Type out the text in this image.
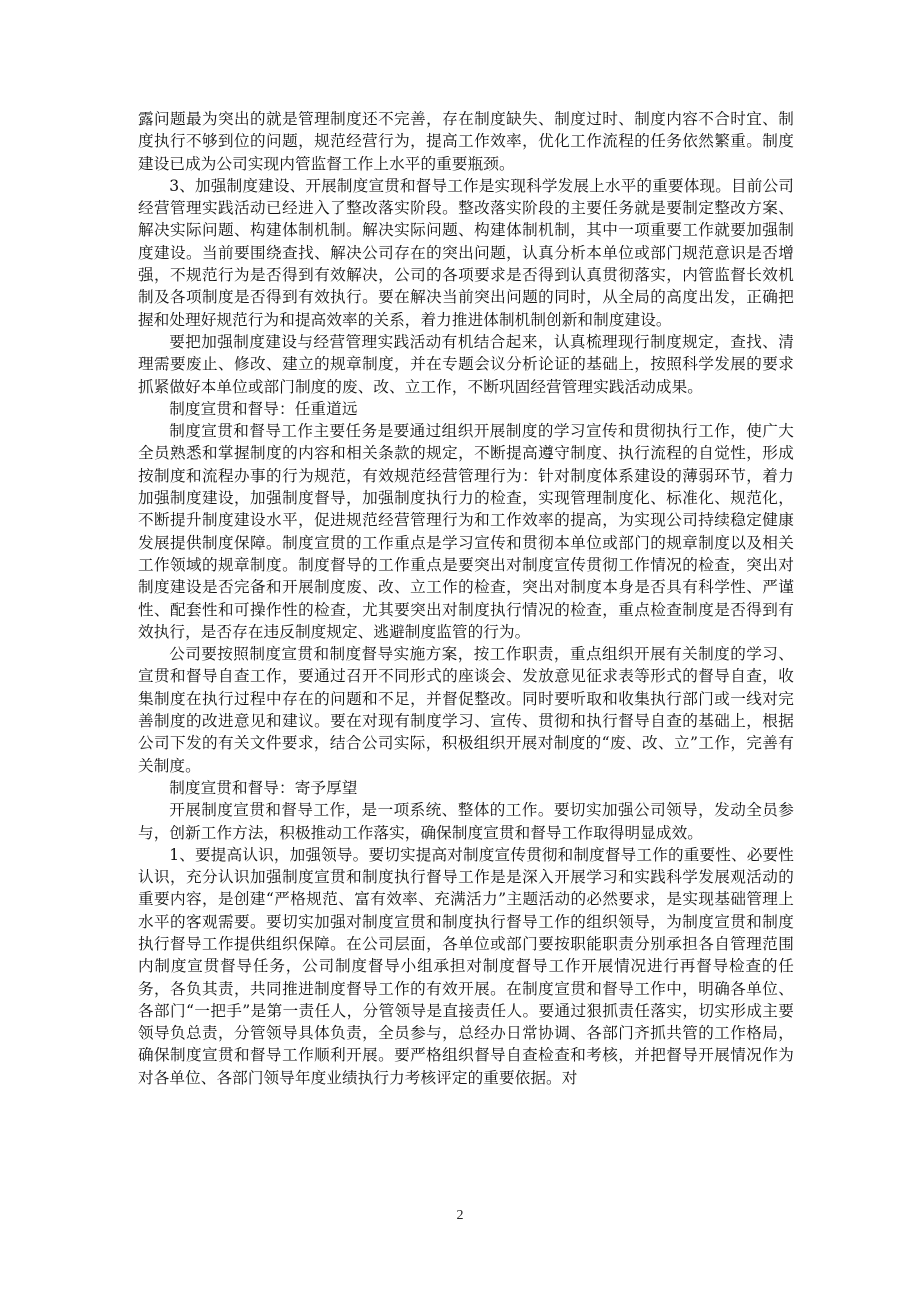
露问题最为突出的就是管理制度还不完善，存在制度缺失、制度过时、制度内容不合时宜、制度执行不够到位的问题，规范经营行为，提高工作效率，优化工作流程的任务依然繁重。制度建设已成为公司实现内管监督工作上水平的重要瓶颈。

3、加强制度建设、开展制度宣贯和督导工作是实现科学发展上水平的重要体现。目前公司经营管理实践活动已经进入了整改落实阶段。整改落实阶段的主要任务就是要制定整改方案、解决实际问题、构建体制机制。解决实际问题、构建体制机制，其中一项重要工作就要加强制度建设。当前要围绕查找、解决公司存在的突出问题，认真分析本单位或部门规范意识是否增强，不规范行为是否得到有效解决，公司的各项要求是否得到认真贯彻落实，内管监督长效机制及各项制度是否得到有效执行。要在解决当前突出问题的同时，从全局的高度出发，正确把握和处理好规范行为和提高效率的关系，着力推进体制机制创新和制度建设。

要把加强制度建设与经营管理实践活动有机结合起来，认真梳理现行制度规定，查找、清理需要废止、修改、建立的规章制度，并在专题会议分析论证的基础上，按照科学发展的要求抓紧做好本单位或部门制度的废、改、立工作，不断巩固经营管理实践活动成果。

制度宣贯和督导：任重道远

制度宣贯和督导工作主要任务是要通过组织开展制度的学习宣传和贯彻执行工作，使广大全员熟悉和掌握制度的内容和相关条款的规定，不断提高遵守制度、执行流程的自觉性，形成按制度和流程办事的行为规范，有效规范经营管理行为：针对制度体系建设的薄弱环节，着力加强制度建设，加强制度督导，加强制度执行力的检查，实现管理制度化、标准化、规范化，不断提升制度建设水平，促进规范经营管理行为和工作效率的提高，为实现公司持续稳定健康发展提供制度保障。制度宣贯的工作重点是学习宣传和贯彻本单位或部门的规章制度以及相关工作领域的规章制度。制度督导的工作重点是要突出对制度宣传贯彻工作情况的检查，突出对制度建设是否完备和开展制度废、改、立工作的检查，突出对制度本身是否具有科学性、严谨性、配套性和可操作性的检查，尤其要突出对制度执行情况的检查，重点检查制度是否得到有效执行，是否存在违反制度规定、逃避制度监管的行为。

公司要按照制度宣贯和制度督导实施方案，按工作职责，重点组织开展有关制度的学习、宣贯和督导自查工作，要通过召开不同形式的座谈会、发放意见征求表等形式的督导自查，收集制度在执行过程中存在的问题和不足，并督促整改。同时要听取和收集执行部门或一线对完善制度的改进意见和建议。要在对现有制度学习、宣传、贯彻和执行督导自查的基础上，根据公司下发的有关文件要求，结合公司实际，积极组织开展对制度的“废、改、立”工作，完善有关制度。

制度宣贯和督导：寄予厚望

开展制度宣贯和督导工作，是一项系统、整体的工作。要切实加强公司领导，发动全员参与，创新工作方法，积极推动工作落实，确保制度宣贯和督导工作取得明显成效。

1、要提高认识，加强领导。要切实提高对制度宣传贯彻和制度督导工作的重要性、必要性认识，充分认识加强制度宣贯和制度执行督导工作是是深入开展学习和实践科学发展观活动的重要内容，是创建“严格规范、富有效率、充满活力”主题活动的必然要求，是实现基础管理上水平的客观需要。要切实加强对制度宣贯和制度执行督导工作的组织领导，为制度宣贯和制度执行督导工作提供组织保障。在公司层面，各单位或部门要按职能职责分别承担各自管理范围内制度宣贯督导任务，公司制度督导小组承担对制度督导工作开展情况进行再督导检查的任务，各负其责，共同推进制度督导工作的有效开展。在制度宣贯和督导工作中，明确各单位、各部门“一把手”是第一责任人，分管领导是直接责任人。要通过狠抓责任落实，切实形成主要领导负总责，分管领导具体负责，全员参与，总经办日常协调、各部门齐抓共管的工作格局，确保制度宣贯和督导工作顺利开展。要严格组织督导自查检查和考核，并把督导开展情况作为对各单位、各部门领导年度业绩执行力考核评定的重要依据。对

2
